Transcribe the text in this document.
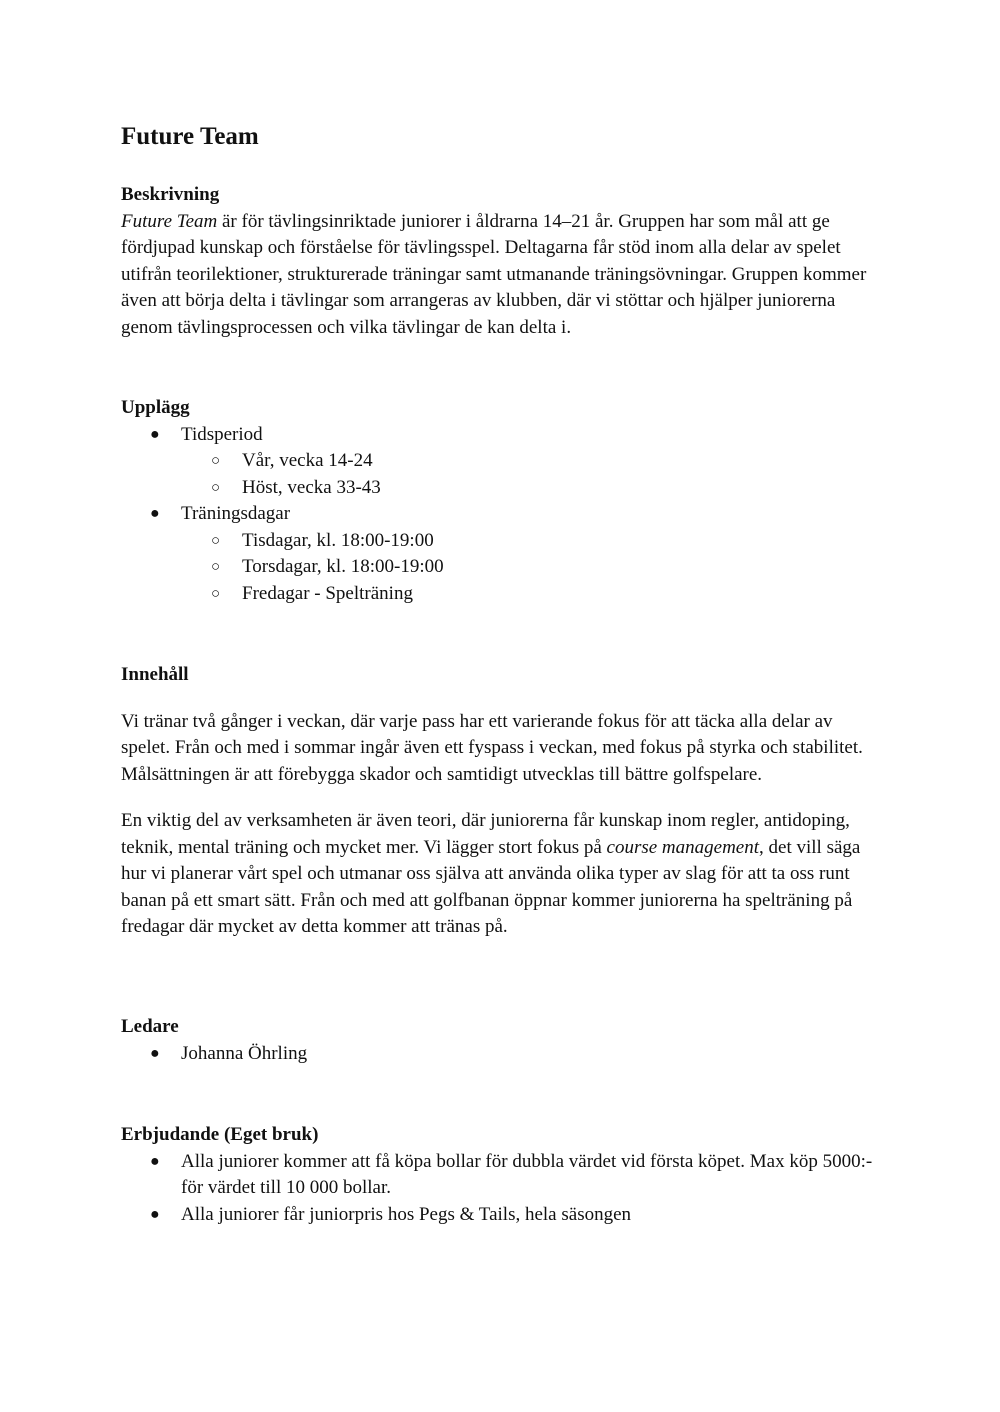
Future Team
Beskrivning

Future Team är för tävlingsinriktade juniorer i åldrarna 14–21 år. Gruppen har som mål att ge fördjupad kunskap och förståelse för tävlingsspel. Deltagarna får stöd inom alla delar av spelet utifrån teorilektioner, strukturerade träningar samt utmanande träningsövningar. Gruppen kommer även att börja delta i tävlingar som arrangeras av klubben, där vi stöttar och hjälper juniorerna genom tävlingsprocessen och vilka tävlingar de kan delta i.

Upplägg
● Tidsperiod
○ Vår, vecka 14-24
○ Höst, vecka 33-43
● Träningsdagar
○ Tisdagar, kl. 18:00-19:00
○ Torsdagar, kl. 18:00-19:00
○ Fredagar - Spelträning
Innehåll

Vi tränar två gånger i veckan, där varje pass har ett varierande fokus för att täcka alla delar av spelet. Från och med i sommar ingår även ett fyspass i veckan, med fokus på styrka och stabilitet. Målsättningen är att förebygga skador och samtidigt utvecklas till bättre golfspelare.

En viktig del av verksamheten är även teori, där juniorerna får kunskap inom regler, antidoping, teknik, mental träning och mycket mer. Vi lägger stort fokus på course management, det vill säga hur vi planerar vårt spel och utmanar oss själva att använda olika typer av slag för att ta oss runt banan på ett smart sätt. Från och med att golfbanan öppnar kommer juniorerna ha spelträning på fredagar där mycket av detta kommer att tränas på.

Ledare
● Johanna Öhrling
Erbjudande (Eget bruk)
● Alla juniorer kommer att få köpa bollar för dubbla värdet vid första köpet. Max köp 5000:- för värdet till 10 000 bollar.
● Alla juniorer får juniorpris hos Pegs & Tails, hela säsongen
